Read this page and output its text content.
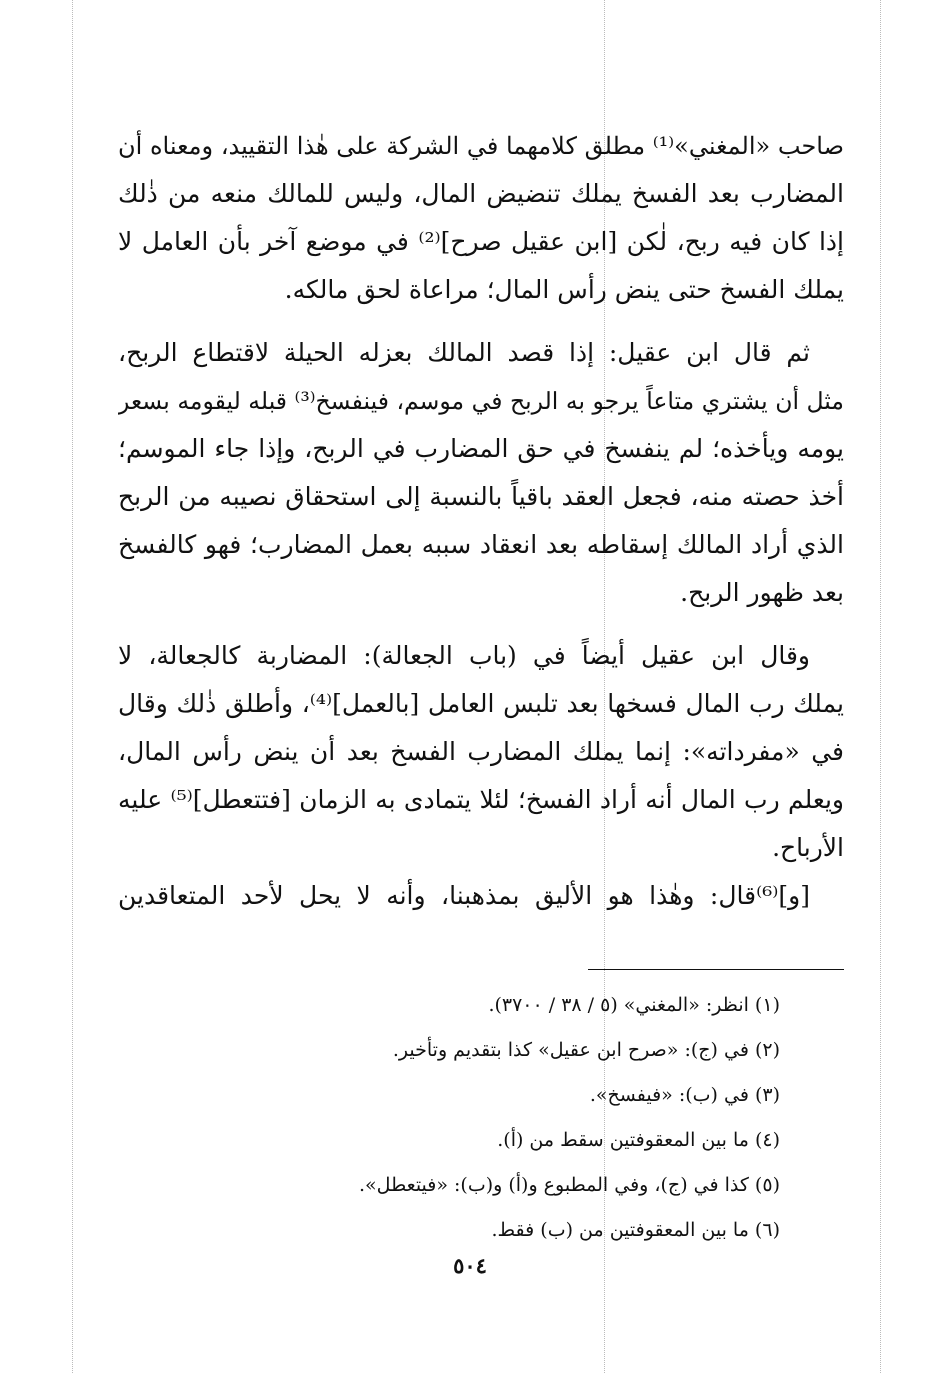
صاحب «المغني»⁽¹⁾ مطلق كلامهما في الشركة على هٰذا التقييد، ومعناه أن
المضارب بعد الفسخ يملك تنضيض المال، وليس للمالك منعه من ذٰلك
إذا كان فيه ربح، لٰكن [ابن عقيل صرح]⁽²⁾ في موضع آخر بأن العامل لا
يملك الفسخ حتى ينض رأس المال؛ مراعاة لحق مالكه.
ثم قال ابن عقيل: إذا قصد المالك بعزله الحيلة لاقتطاع الربح،
مثل أن يشتري متاعاً يرجو به الربح في موسم، فينفسخ⁽³⁾ قبله ليقومه بسعر
يومه ويأخذه؛ لم ينفسخ في حق المضارب في الربح، وإذا جاء الموسم؛
أخذ حصته منه، فجعل العقد باقياً بالنسبة إلى استحقاق نصيبه من الربح
الذي أراد المالك إسقاطه بعد انعقاد سببه بعمل المضارب؛ فهو كالفسخ
بعد ظهور الربح.
وقال ابن عقيل أيضاً في (باب الجعالة): المضاربة كالجعالة، لا
يملك رب المال فسخها بعد تلبس العامل [بالعمل]⁽⁴⁾، وأطلق ذٰلك وقال
في «مفرداته»: إنما يملك المضارب الفسخ بعد أن ينض رأس المال،
ويعلم رب المال أنه أراد الفسخ؛ لئلا يتمادى به الزمان [فتتعطل]⁽⁵⁾ عليه
الأرباح.
[و]⁽⁶⁾قال: وهٰذا هو الأليق بمذهبنا، وأنه لا يحل لأحد المتعاقدين
(١) انظر: «المغني» (٥ / ٣٨ / ٣٧٠٠).
(٢) في (ج): «صرح ابن عقيل» كذا بتقديم وتأخير.
(٣) في (ب): «فيفسخ».
(٤) ما بين المعقوفتين سقط من (أ).
(٥) كذا في (ج)، وفي المطبوع و(أ) و(ب): «فيتعطل».
(٦) ما بين المعقوفتين من (ب) فقط.
٥٠٤
